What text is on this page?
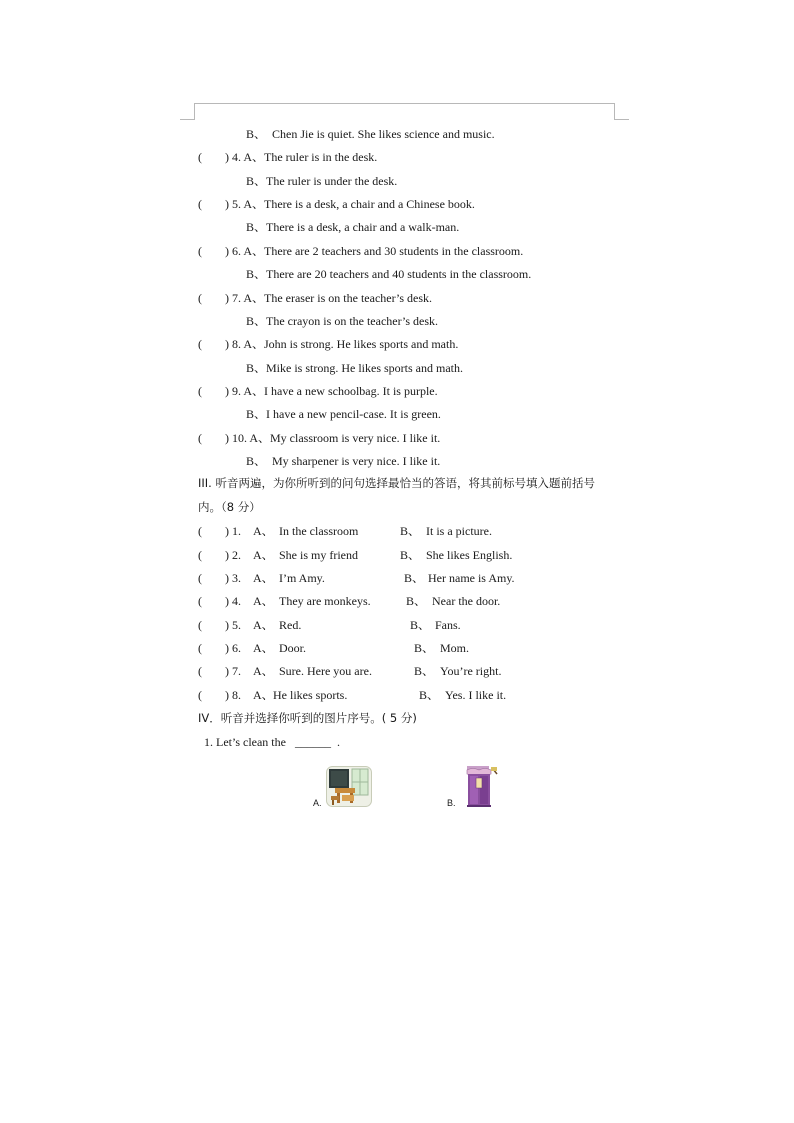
B、  Chen Jie is quiet. She likes science and music.
( ) 4. A、The ruler is in the desk.
B、The ruler is under the desk.
( ) 5. A、There is a desk, a chair and a Chinese book.
B、There is a desk, a chair and a walk-man.
( ) 6. A、There are 2 teachers and 30 students in the classroom.
B、There are 20 teachers and 40 students in the classroom.
( ) 7. A、The eraser is on the teacher’s desk.
B、The crayon is on the teacher’s desk.
( ) 8. A、John is strong. He likes sports and math.
B、Mike is strong. He likes sports and math.
( ) 9. A、I have a new schoolbag. It is purple.
B、I have a new pencil-case. It is green.
( ) 10. A、My classroom is very nice. I like it.
B、  My sharpener is very nice. I like it.
III. 听音两遍，为你所听到的问句选择最恰当的答语，将其前标号填入题前括号
内。（8 分）
( ) 1. A、 In the classroom	B、 It is a picture.
( ) 2. A、 She is my friend	B、 She likes English.
( ) 3. A、 I’m Amy.	B、 Her name is Amy.
( ) 4. A、 They are monkeys.	B、 Near the door.
( ) 5. A、 Red.	B、 Fans.
( ) 6. A、 Door.	B、 Mom.
( ) 7. A、 Sure. Here you are.	B、 You’re right.
( ) 8. A、 He likes sports.	B、 Yes. I like it.
IV．听音并选择你听到的图片序号。( 5 分)
1. Let’s clean the   ______  .
A.	B.
